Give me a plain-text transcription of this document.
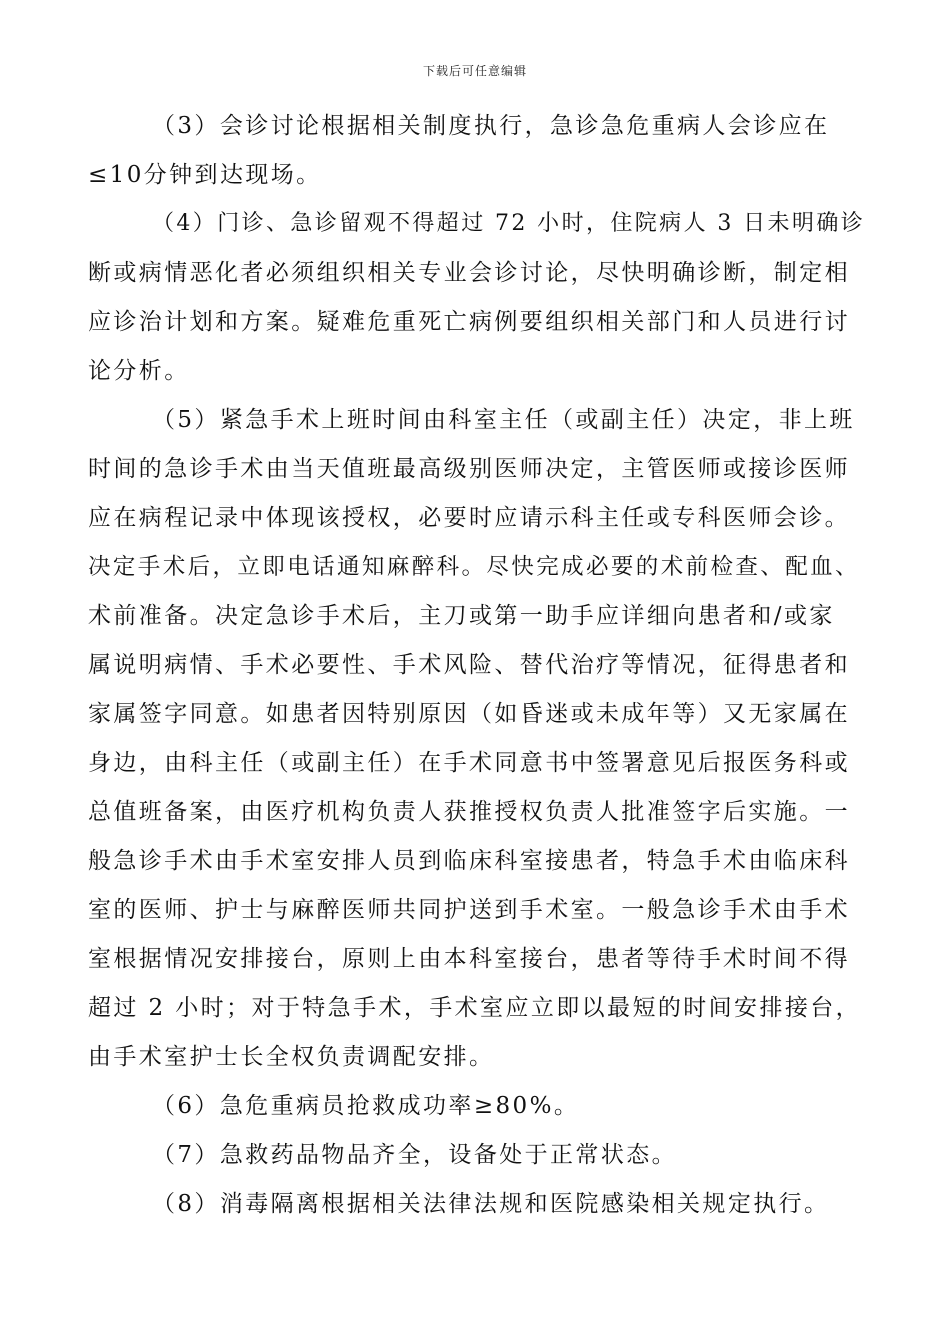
下载后可任意编辑
（3）会诊讨论根据相关制度执行，急诊急危重病人会诊应在
≤10分钟到达现场。
（4）门诊、急诊留观不得超过 72 小时，住院病人 3 日未明确诊
断或病情恶化者必须组织相关专业会诊讨论，尽快明确诊断，制定相
应诊治计划和方案。疑难危重死亡病例要组织相关部门和人员进行讨
论分析。
（5）紧急手术上班时间由科室主任（或副主任）决定，非上班
时间的急诊手术由当天值班最高级别医师决定，主管医师或接诊医师
应在病程记录中体现该授权，必要时应请示科主任或专科医师会诊。
决定手术后，立即电话通知麻醉科。尽快完成必要的术前检查、配血、
术前准备。决定急诊手术后，主刀或第一助手应详细向患者和/或家
属说明病情、手术必要性、手术风险、替代治疗等情况，征得患者和
家属签字同意。如患者因特别原因（如昏迷或未成年等）又无家属在
身边，由科主任（或副主任）在手术同意书中签署意见后报医务科或
总值班备案，由医疗机构负责人获推授权负责人批准签字后实施。一
般急诊手术由手术室安排人员到临床科室接患者，特急手术由临床科
室的医师、护士与麻醉医师共同护送到手术室。一般急诊手术由手术
室根据情况安排接台，原则上由本科室接台，患者等待手术时间不得
超过 2 小时；对于特急手术，手术室应立即以最短的时间安排接台，
由手术室护士长全权负责调配安排。
（6）急危重病员抢救成功率≥80%。
（7）急救药品物品齐全，设备处于正常状态。
（8）消毒隔离根据相关法律法规和医院感染相关规定执行。
